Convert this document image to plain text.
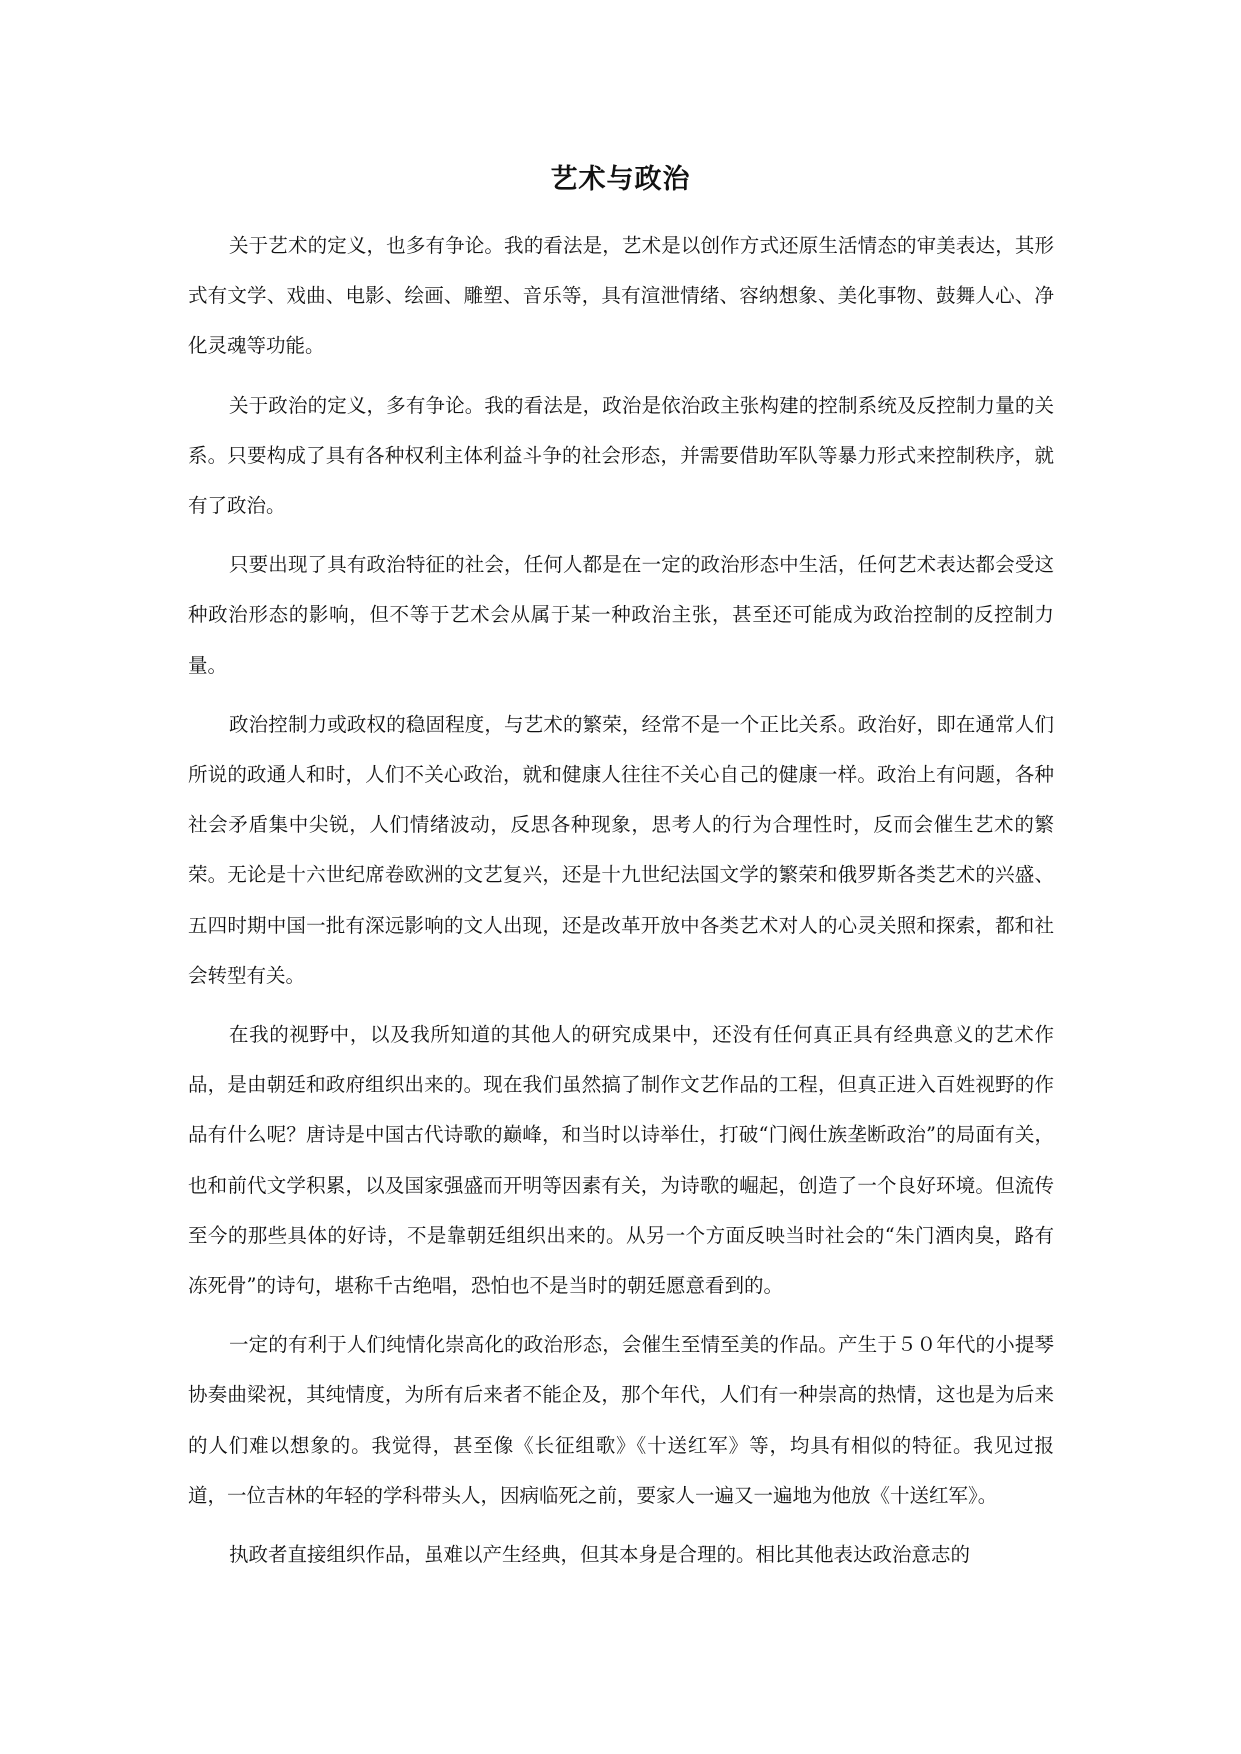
艺术与政治

关于艺术的定义，也多有争论。我的看法是，艺术是以创作方式还原生活情态的审美表达，其形式有文学、戏曲、电影、绘画、雕塑、音乐等，具有渲泄情绪、容纳想象、美化事物、鼓舞人心、净化灵魂等功能。

关于政治的定义，多有争论。我的看法是，政治是依治政主张构建的控制系统及反控制力量的关系。只要构成了具有各种权利主体利益斗争的社会形态，并需要借助军队等暴力形式来控制秩序，就有了政治。

只要出现了具有政治特征的社会，任何人都是在一定的政治形态中生活，任何艺术表达都会受这种政治形态的影响，但不等于艺术会从属于某一种政治主张，甚至还可能成为政治控制的反控制力量。

政治控制力或政权的稳固程度，与艺术的繁荣，经常不是一个正比关系。政治好，即在通常人们所说的政通人和时，人们不关心政治，就和健康人往往不关心自己的健康一样。政治上有问题，各种社会矛盾集中尖锐，人们情绪波动，反思各种现象，思考人的行为合理性时，反而会催生艺术的繁荣。无论是十六世纪席卷欧洲的文艺复兴，还是十九世纪法国文学的繁荣和俄罗斯各类艺术的兴盛、五四时期中国一批有深远影响的文人出现，还是改革开放中各类艺术对人的心灵关照和探索，都和社会转型有关。

在我的视野中，以及我所知道的其他人的研究成果中，还没有任何真正具有经典意义的艺术作品，是由朝廷和政府组织出来的。现在我们虽然搞了制作文艺作品的工程，但真正进入百姓视野的作品有什么呢？唐诗是中国古代诗歌的巅峰，和当时以诗举仕，打破“门阀仕族垄断政治”的局面有关，也和前代文学积累，以及国家强盛而开明等因素有关，为诗歌的崛起，创造了一个良好环境。但流传至今的那些具体的好诗，不是靠朝廷组织出来的。从另一个方面反映当时社会的“朱门酒肉臭，路有冻死骨”的诗句，堪称千古绝唱，恐怕也不是当时的朝廷愿意看到的。

一定的有利于人们纯情化崇高化的政治形态，会催生至情至美的作品。产生于５０年代的小提琴协奏曲梁祝，其纯情度，为所有后来者不能企及，那个年代，人们有一种崇高的热情，这也是为后来的人们难以想象的。我觉得，甚至像《长征组歌》《十送红军》等，均具有相似的特征。我见过报道，一位吉林的年轻的学科带头人，因病临死之前，要家人一遍又一遍地为他放《十送红军》。

执政者直接组织作品，虽难以产生经典，但其本身是合理的。相比其他表达政治意志的
